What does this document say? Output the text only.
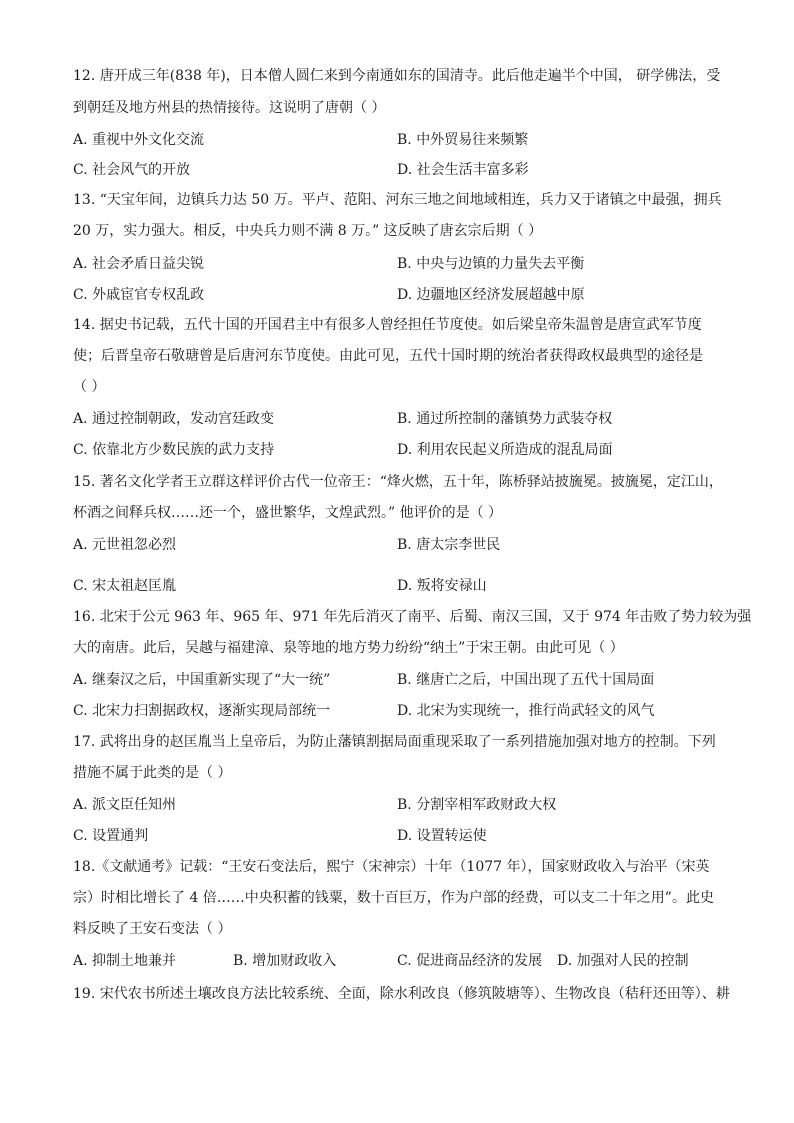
12. 唐开成三年(838 年)，日本僧人圆仁来到今南通如东的国清寺。此后他走遍半个中国， 研学佛法，受
到朝廷及地方州县的热情接待。这说明了唐朝（ ）
A. 重视中外文化交流	B. 中外贸易往来频繁
C. 社会风气的开放	D. 社会生活丰富多彩
13. “天宝年间，边镇兵力达 50 万。平卢、范阳、河东三地之间地域相连，兵力又于诸镇之中最强，拥兵
20 万，实力强大。相反，中央兵力则不满 8 万。” 这反映了唐玄宗后期（ ）
A. 社会矛盾日益尖锐	B. 中央与边镇的力量失去平衡
C. 外戚宦官专权乱政	D. 边疆地区经济发展超越中原
14. 据史书记载，五代十国的开国君主中有很多人曾经担任节度使。如后梁皇帝朱温曾是唐宣武军节度
使；后晋皇帝石敬瑭曾是后唐河东节度使。由此可见，五代十国时期的统治者获得政权最典型的途径是
（ ）
A. 通过控制朝政，发动宫廷政变	B. 通过所控制的藩镇势力武装夺权
C. 依靠北方少数民族的武力支持	D. 利用农民起义所造成的混乱局面
15. 著名文化学者王立群这样评价古代一位帝王：“烽火燃，五十年，陈桥驿站披旒冕。披旒冕，定江山，
杯酒之间释兵权……还一个，盛世繁华，文煌武烈。” 他评价的是（ ）
A. 元世祖忽必烈	B. 唐太宗李世民
C. 宋太祖赵匡胤	D. 叛将安禄山
16. 北宋于公元 963 年、965 年、971 年先后消灭了南平、后蜀、南汉三国，又于 974 年击败了势力较为强
大的南唐。此后，吴越与福建漳、泉等地的地方势力纷纷“纳土”于宋王朝。由此可见（ ）
A. 继秦汉之后，中国重新实现了“大一统”	B. 继唐亡之后，中国出现了五代十国局面
C. 北宋力扫割据政权，逐渐实现局部统一	D. 北宋为实现统一，推行尚武轻文的风气
17. 武将出身的赵匡胤当上皇帝后，为防止藩镇割据局面重现采取了一系列措施加强对地方的控制。下列
措施不属于此类的是（ ）
A. 派文臣任知州	B. 分割宰相军政财政大权
C. 设置通判	D. 设置转运使
18.《文献通考》记载：“王安石变法后，熙宁（宋神宗）十年（1077 年），国家财政收入与治平（宋英
宗）时相比增长了 4 倍……中央积蓄的钱粟，数十百巨万，作为户部的经费，可以支二十年之用”。此史
料反映了王安石变法（ ）
A. 抑制土地兼并	B. 增加财政收入	C. 促进商品经济的发展 D. 加强对人民的控制
19. 宋代农书所述土壤改良方法比较系统、全面，除水利改良（修筑陂塘等）、生物改良（秸秆还田等）、耕
